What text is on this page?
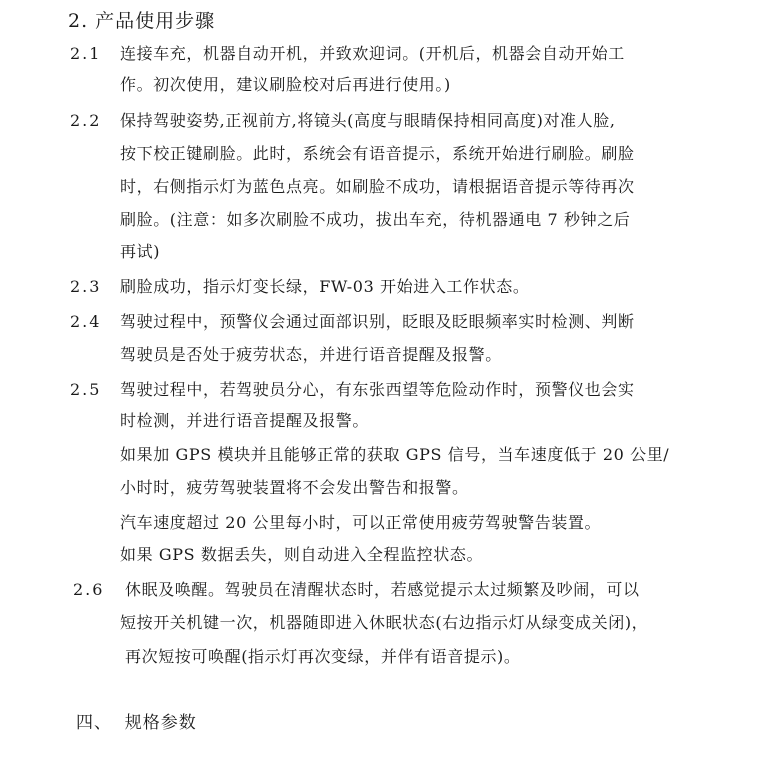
2. 产品使用步骤
2.1 连接车充，机器自动开机，并致欢迎词。(开机后，机器会自动开始工
作。初次使用，建议刷脸校对后再进行使用。)
2.2 保持驾驶姿势,正视前方,将镜头(高度与眼睛保持相同高度)对准人脸,
按下校正键刷脸。此时，系统会有语音提示，系统开始进行刷脸。刷脸
时，右侧指示灯为蓝色点亮。如刷脸不成功，请根据语音提示等待再次
刷脸。(注意：如多次刷脸不成功，拔出车充，待机器通电 7 秒钟之后
再试)
2.3 刷脸成功，指示灯变长绿，FW-03 开始进入工作状态。
2.4 驾驶过程中，预警仪会通过面部识别，眨眼及眨眼频率实时检测、判断
驾驶员是否处于疲劳状态，并进行语音提醒及报警。
2.5 驾驶过程中，若驾驶员分心，有东张西望等危险动作时，预警仪也会实
时检测，并进行语音提醒及报警。
如果加 GPS 模块并且能够正常的获取 GPS 信号，当车速度低于 20 公里/
小时时，疲劳驾驶装置将不会发出警告和报警。
汽车速度超过 20 公里每小时，可以正常使用疲劳驾驶警告装置。
如果 GPS 数据丢失，则自动进入全程监控状态。
2.6 休眠及唤醒。驾驶员在清醒状态时，若感觉提示太过频繁及吵闹，可以
短按开关机键一次，机器随即进入休眠状态(右边指示灯从绿变成关闭)，
再次短按可唤醒(指示灯再次变绿，并伴有语音提示)。
四、  规格参数
